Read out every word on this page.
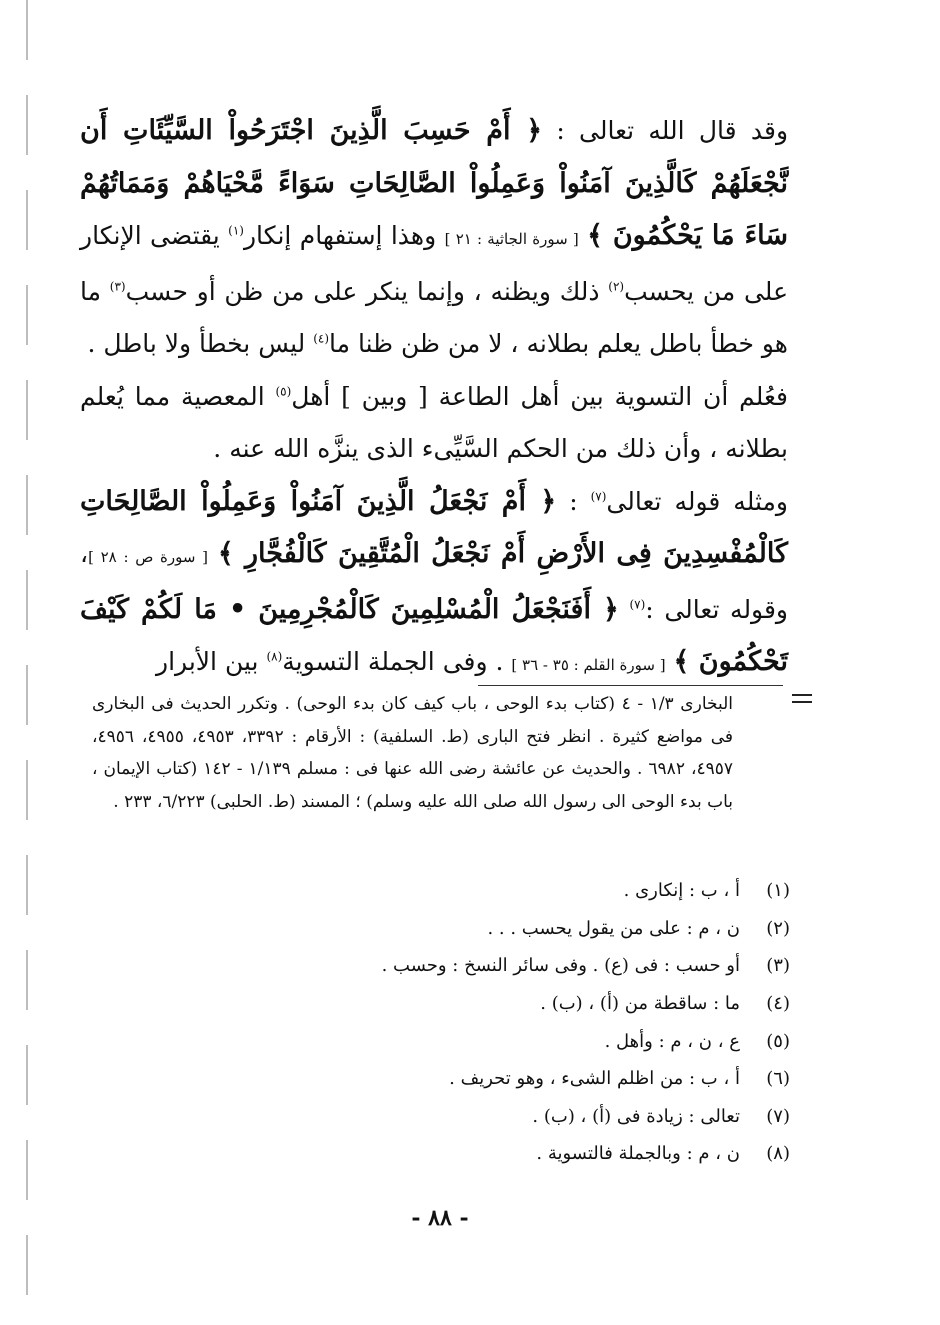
وقد قال الله تعالى : ﴿ أَمْ حَسِبَ الَّذِينَ اجْتَرَحُواْ السَّيِّئَاتِ أَن نَّجْعَلَهُمْ كَالَّذِينَ آمَنُواْ وَعَمِلُواْ الصَّالِحَاتِ سَوَاءً مَّحْيَاهُمْ وَمَمَاتُهُمْ سَاءَ مَا يَحْكُمُونَ ﴾ [ سورة الجاثية : ٢١ ] وهذا إستفهام إنكار$^{(١)}$ يقتضى الإنكار على من يحسب$^{(٢)}$ ذلك ويظنه ، وإنما ينكر على من ظن أو حسب$^{(٣)}$ ما هو خطأ باطل يعلم بطلانه ، لا من ظن ظنا ما$^{(٤)}$ ليس بخطأ ولا باطل .

فعُلم أن التسوية بين أهل الطاعة [ وبين ] أهل$^{(٥)}$ المعصية مما يُعلم بطلانه ، وأن ذلك من الحكم السَّيِّىء الذى ينزَّه الله عنه .

ومثله قوله تعالى$^{(٧)}$ : ﴿ أَمْ نَجْعَلُ الَّذِينَ آمَنُواْ وَعَمِلُواْ الصَّالِحَاتِ كَالْمُفْسِدِينَ فِى الأَرْضِ أَمْ نَجْعَلُ الْمُتَّقِينَ كَالْفُجَّارِ ﴾ [ سورة ص : ٢٨ ]، وقوله تعالى :$^{(٧)}$ ﴿ أَفَنَجْعَلُ الْمُسْلِمِينَ كَالْمُجْرِمِينَ • مَا لَكُمْ كَيْفَ تَحْكُمُونَ ﴾ [ سورة القلم : ٣٥ - ٣٦ ] . وفى الجملة التسوية$^{(٨)}$ بين الأبرار

البخارى ١/٣ - ٤ (كتاب بدء الوحى ، باب كيف كان بدء الوحى) . وتكرر الحديث فى البخارى فى مواضع كثيرة . انظر فتح البارى (ط. السلفية) : الأرقام : ٣٣٩٢، ٤٩٥٣، ٤٩٥٥، ٤٩٥٦، ٤٩٥٧، ٦٩٨٢ . والحديث عن عائشة رضى الله عنها فى : مسلم ١/١٣٩ - ١٤٢ (كتاب الإيمان ، باب بدء الوحى الى رسول الله صلى الله عليه وسلم) ؛ المسند (ط. الحلبى) ٦/٢٢٣، ٢٣٣ .

(١)
أ ، ب : إنكارى .
(٢)
ن ، م : على من يقول يحسب . . .
(٣)
أو حسب : فى (ع) . وفى سائر النسخ : وحسب .
(٤)
ما : ساقطة من (أ) ، (ب) .
(٥)
ع ، ن ، م : وأهل .
(٦)
أ ، ب : من اظلم الشىء ، وهو تحريف .
(٧)
تعالى : زيادة فى (أ) ، (ب) .
(٨)
ن ، م : وبالجملة فالتسوية .
- ٨٨ -
